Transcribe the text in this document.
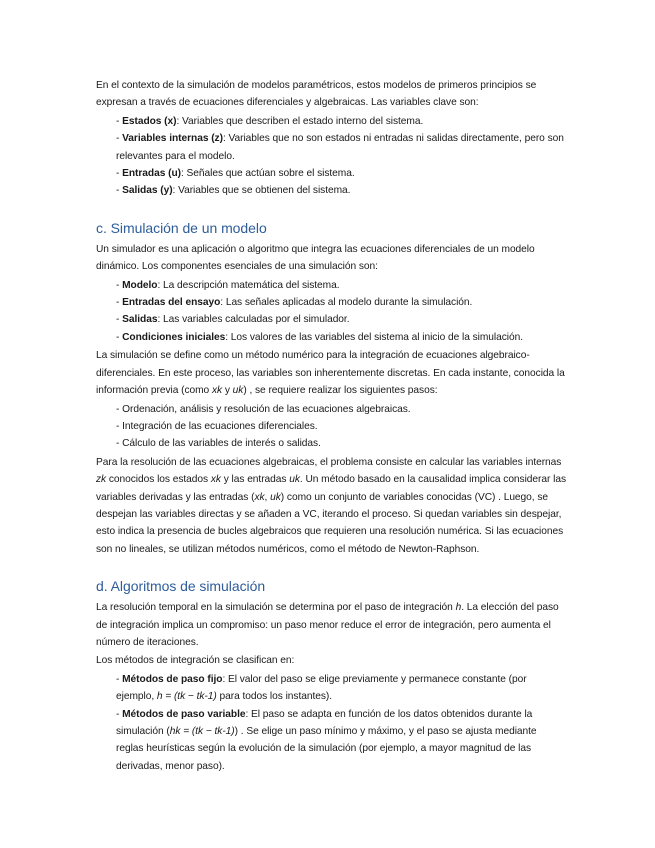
En el contexto de la simulación de modelos paramétricos, estos modelos de primeros principios se expresan a través de ecuaciones diferenciales y algebraicas. Las variables clave son:

- Estados (x): Variables que describen el estado interno del sistema.
- Variables internas (z): Variables que no son estados ni entradas ni salidas directamente, pero son relevantes para el modelo.
- Entradas (u): Señales que actúan sobre el sistema.
- Salidas (y): Variables que se obtienen del sistema.
c. Simulación de un modelo

Un simulador es una aplicación o algoritmo que integra las ecuaciones diferenciales de un modelo dinámico. Los componentes esenciales de una simulación son:

- Modelo: La descripción matemática del sistema.
- Entradas del ensayo: Las señales aplicadas al modelo durante la simulación.
- Salidas: Las variables calculadas por el simulador.
- Condiciones iniciales: Los valores de las variables del sistema al inicio de la simulación.

La simulación se define como un método numérico para la integración de ecuaciones algebraico-diferenciales. En este proceso, las variables son inherentemente discretas. En cada instante, conocida la información previa (como xk y uk) , se requiere realizar los siguientes pasos:

- Ordenación, análisis y resolución de las ecuaciones algebraicas.
- Integración de las ecuaciones diferenciales.
- Cálculo de las variables de interés o salidas.

Para la resolución de las ecuaciones algebraicas, el problema consiste en calcular las variables internas zk conocidos los estados xk y las entradas uk. Un método basado en la causalidad implica considerar las variables derivadas y las entradas (xk, uk) como un conjunto de variables conocidas (VC) . Luego, se despejan las variables directas y se añaden a VC, iterando el proceso. Si quedan variables sin despejar, esto indica la presencia de bucles algebraicos que requieren una resolución numérica. Si las ecuaciones son no lineales, se utilizan métodos numéricos, como el método de Newton-Raphson.

d. Algoritmos de simulación

La resolución temporal en la simulación se determina por el paso de integración h. La elección del paso de integración implica un compromiso: un paso menor reduce el error de integración, pero aumenta el número de iteraciones.

Los métodos de integración se clasifican en:

- Métodos de paso fijo: El valor del paso se elige previamente y permanece constante (por ejemplo, h = (tk − tk-1) para todos los instantes).
- Métodos de paso variable: El paso se adapta en función de los datos obtenidos durante la simulación (hk = (tk − tk-1)) . Se elige un paso mínimo y máximo, y el paso se ajusta mediante reglas heurísticas según la evolución de la simulación (por ejemplo, a mayor magnitud de las derivadas, menor paso).
